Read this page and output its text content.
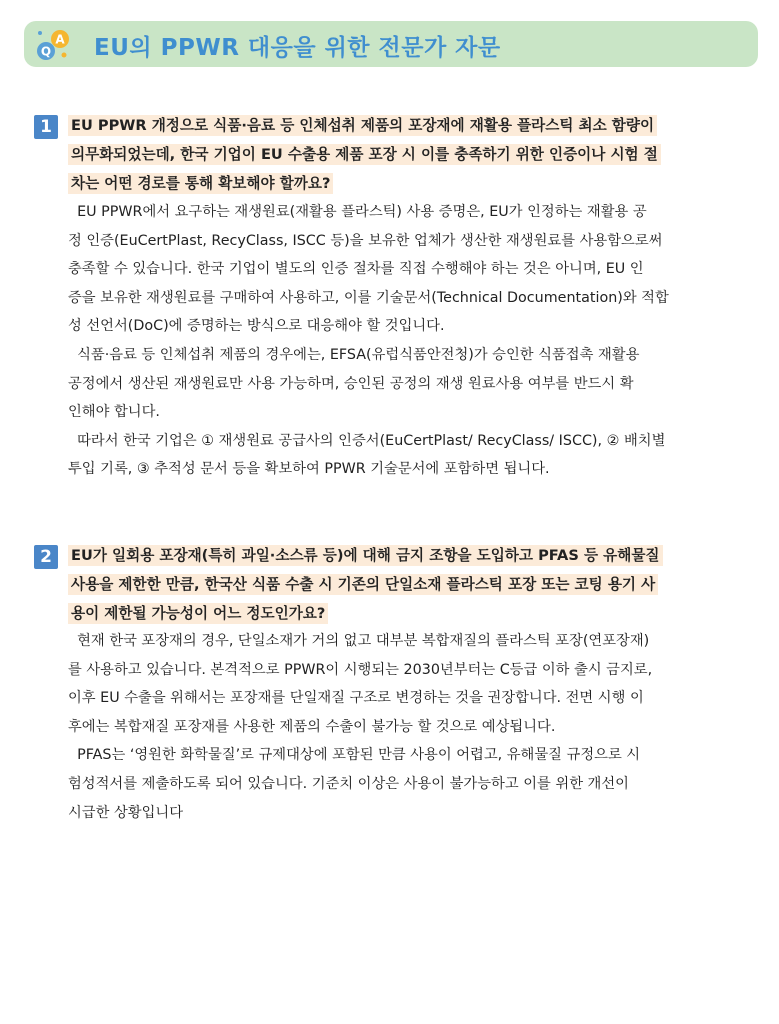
A
Q EU의 PPWR 대응을 위한 전문가 자문
1	EU PPWR 개정으로 식품·음료 등 인체섭취 제품의 포장재에 재활용 플라스틱 최소 함량이
의무화되었는데, 한국 기업이 EU 수출용 제품 포장 시 이를 충족하기 위한 인증이나 시험 절
차는 어떤 경로를 통해 확보해야 할까요?
EU PPWR에서 요구하는 재생원료(재활용 플라스틱) 사용 증명은, EU가 인정하는 재활용 공
정 인증(EuCertPlast, RecyClass, ISCC 등)을 보유한 업체가 생산한 재생원료를 사용함으로써
충족할 수 있습니다. 한국 기업이 별도의 인증 절차를 직접 수행해야 하는 것은 아니며, EU 인
증을 보유한 재생원료를 구매하여 사용하고, 이를 기술문서(Technical Documentation)와 적합
성 선언서(DoC)에 증명하는 방식으로 대응해야 할 것입니다.
식품·음료 등 인체섭취 제품의 경우에는, EFSA(유럽식품안전청)가 승인한 식품접촉 재활용
공정에서 생산된 재생원료만 사용 가능하며, 승인된 공정의 재생 원료사용 여부를 반드시 확
인해야 합니다.
따라서 한국 기업은 ① 재생원료 공급사의 인증서(EuCertPlast/ RecyClass/ ISCC), ② 배치별
투입 기록, ③ 추적성 문서 등을 확보하여 PPWR 기술문서에 포함하면 됩니다.
2	EU가 일회용 포장재(특히 과일·소스류 등)에 대해 금지 조항을 도입하고 PFAS 등 유해물질
사용을 제한한 만큼, 한국산 식품 수출 시 기존의 단일소재 플라스틱 포장 또는 코팅 용기 사
용이 제한될 가능성이 어느 정도인가요?
현재 한국 포장재의 경우, 단일소재가 거의 없고 대부분 복합재질의 플라스틱 포장(연포장재)
를 사용하고 있습니다. 본격적으로 PPWR이 시행되는 2030년부터는 C등급 이하 출시 금지로,
이후 EU 수출을 위해서는 포장재를 단일재질 구조로 변경하는 것을 권장합니다. 전면 시행 이
후에는 복합재질 포장재를 사용한 제품의 수출이 불가능 할 것으로 예상됩니다.
PFAS는 ‘영원한 화학물질’로 규제대상에 포함된 만큼 사용이 어렵고, 유해물질 규정으로 시
험성적서를 제출하도록 되어 있습니다. 기준치 이상은 사용이 불가능하고 이를 위한 개선이
시급한 상황입니다
